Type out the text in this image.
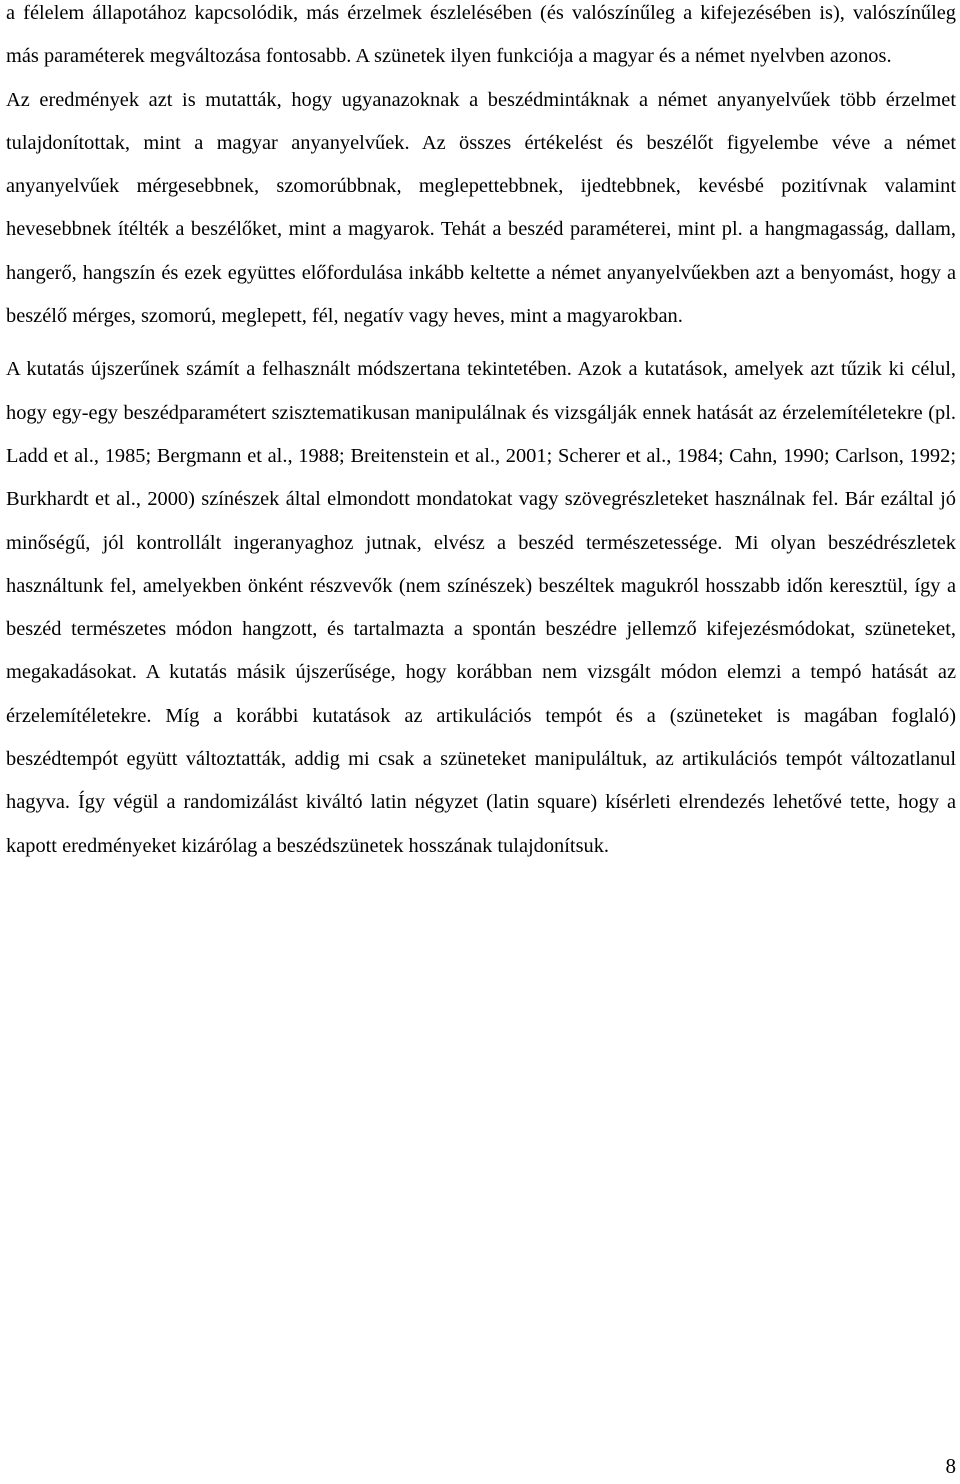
a félelem állapotához kapcsolódik, más érzelmek észlelésében (és valószínűleg a kifejezésében is), valószínűleg más paraméterek megváltozása fontosabb. A szünetek ilyen funkciója a magyar és a német nyelvben azonos.

Az eredmények azt is mutatták, hogy ugyanazoknak a beszédmintáknak a német anyanyelvűek több érzelmet tulajdonítottak, mint a magyar anyanyelvűek. Az összes értékelést és beszélőt figyelembe véve a német anyanyelvűek mérgesebbnek, szomorúbbnak, meglepettebbnek, ijedtebbnek, kevésbé pozitívnak valamint hevesebbnek ítélték a beszélőket, mint a magyarok. Tehát a beszéd paraméterei, mint pl. a hangmagasság, dallam, hangerő, hangszín és ezek együttes előfordulása inkább keltette a német anyanyelvűekben azt a benyomást, hogy a beszélő mérges, szomorú, meglepett, fél, negatív vagy heves, mint a magyarokban.

A kutatás újszerűnek számít a felhasznált módszertana tekintetében. Azok a kutatások, amelyek azt tűzik ki célul, hogy egy-egy beszédparamétert szisztematikusan manipulálnak és vizsgálják ennek hatását az érzelemítéletekre (pl. Ladd et al., 1985; Bergmann et al., 1988; Breitenstein et al., 2001; Scherer et al., 1984; Cahn, 1990; Carlson, 1992; Burkhardt et al., 2000) színészek által elmondott mondatokat vagy szövegrészleteket használnak fel. Bár ezáltal jó minőségű, jól kontrollált ingeranyaghoz jutnak, elvész a beszéd természetessége. Mi olyan beszédrészletek használtunk fel, amelyekben önként részvevők (nem színészek) beszéltek magukról hosszabb időn keresztül, így a beszéd természetes módon hangzott, és tartalmazta a spontán beszédre jellemző kifejezésmódokat, szüneteket, megakadásokat. A kutatás másik újszerűsége, hogy korábban nem vizsgált módon elemzi a tempó hatását az érzelemítéletekre. Míg a korábbi kutatások az artikulációs tempót és a (szüneteket is magában foglaló) beszédtempót együtt változtatták, addig mi csak a szüneteket manipuláltuk, az artikulációs tempót változatlanul hagyva. Így végül a randomizálást kiváltó latin négyzet (latin square) kísérleti elrendezés lehetővé tette, hogy a kapott eredményeket kizárólag a beszédszünetek hosszának tulajdonítsuk.

8
